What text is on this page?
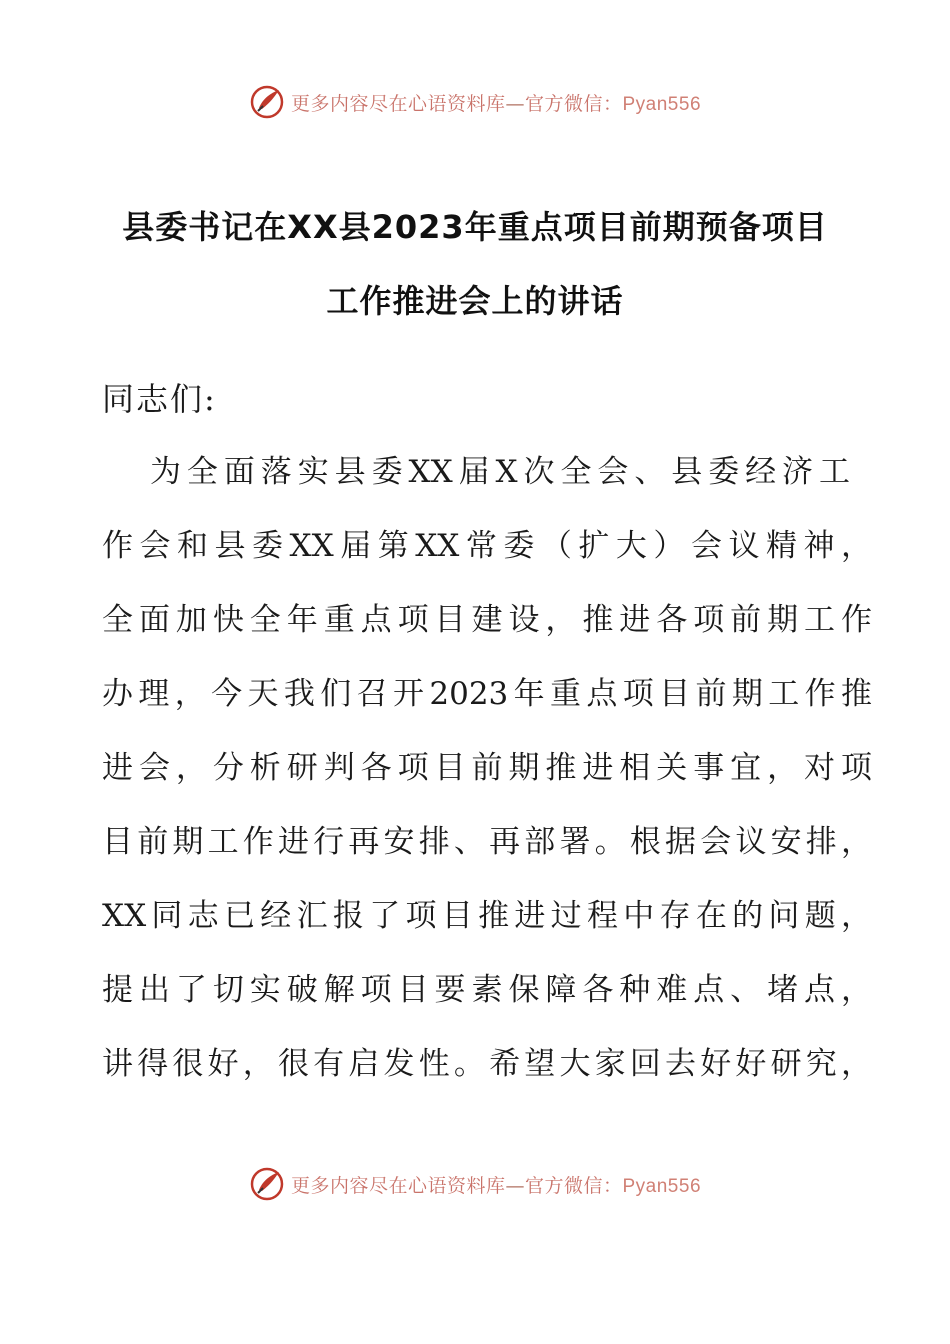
更多内容尽在心语资料库—官方微信：Pyan556
县委书记在XX县2023年重点项目前期预备项目
工作推进会上的讲话
同志们:
为全面落实县委XX届X次全会、县委经济工
作会和县委XX届第XX常委（扩大）会议精神，
全面加快全年重点项目建设，推进各项前期工作
办理，今天我们召开2023年重点项目前期工作推
进会，分析研判各项目前期推进相关事宜，对项
目前期工作进行再安排、再部署。根据会议安排，
XX同志已经汇报了项目推进过程中存在的问题，
提出了切实破解项目要素保障各种难点、堵点，
讲得很好，很有启发性。希望大家回去好好研究，
更多内容尽在心语资料库—官方微信：Pyan556
